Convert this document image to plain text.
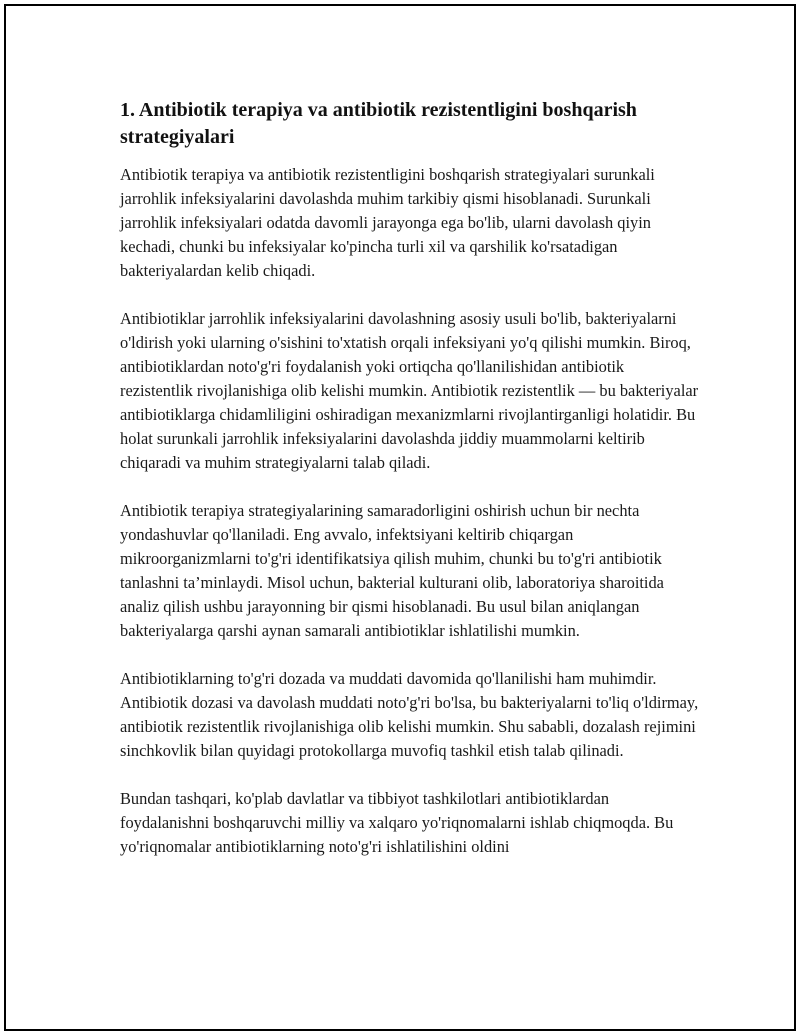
1. Antibiotik terapiya va antibiotik rezistentligini boshqarish strategiyalari

Antibiotik terapiya va antibiotik rezistentligini boshqarish strategiyalari surunkali jarrohlik infeksiyalarini davolashda muhim tarkibiy qismi hisoblanadi. Surunkali jarrohlik infeksiyalari odatda davomli jarayonga ega bo'lib, ularni davolash qiyin kechadi, chunki bu infeksiyalar ko'pincha turli xil va qarshilik ko'rsatadigan bakteriyalardan kelib chiqadi.

Antibiotiklar jarrohlik infeksiyalarini davolashning asosiy usuli bo'lib, bakteriyalarni o'ldirish yoki ularning o'sishini to'xtatish orqali infeksiyani yo'q qilishi mumkin. Biroq, antibiotiklardan noto'g'ri foydalanish yoki ortiqcha qo'llanilishidan antibiotik rezistentlik rivojlanishiga olib kelishi mumkin. Antibiotik rezistentlik — bu bakteriyalar antibiotiklarga chidamliligini oshiradigan mexanizmlarni rivojlantirganligi holatidir. Bu holat surunkali jarrohlik infeksiyalarini davolashda jiddiy muammolarni keltirib chiqaradi va muhim strategiyalarni talab qiladi.

Antibiotik terapiya strategiyalarining samaradorligini oshirish uchun bir nechta yondashuvlar qo'llaniladi. Eng avvalo, infektsiyani keltirib chiqargan mikroorganizmlarni to'g'ri identifikatsiya qilish muhim, chunki bu to'g'ri antibiotik tanlashni ta’minlaydi. Misol uchun, bakterial kulturani olib, laboratoriya sharoitida analiz qilish ushbu jarayonning bir qismi hisoblanadi. Bu usul bilan aniqlangan bakteriyalarga qarshi aynan samarali antibiotiklar ishlatilishi mumkin.

Antibiotiklarning to'g'ri dozada va muddati davomida qo'llanilishi ham muhimdir. Antibiotik dozasi va davolash muddati noto'g'ri bo'lsa, bu bakteriyalarni to'liq o'ldirmay, antibiotik rezistentlik rivojlanishiga olib kelishi mumkin. Shu sababli, dozalash rejimini sinchkovlik bilan quyidagi protokollarga muvofiq tashkil etish talab qilinadi.

Bundan tashqari, ko'plab davlatlar va tibbiyot tashkilotlari antibiotiklardan foydalanishni boshqaruvchi milliy va xalqaro yo'riqnomalarni ishlab chiqmoqda. Bu yo'riqnomalar antibiotiklarning noto'g'ri ishlatilishini oldini
